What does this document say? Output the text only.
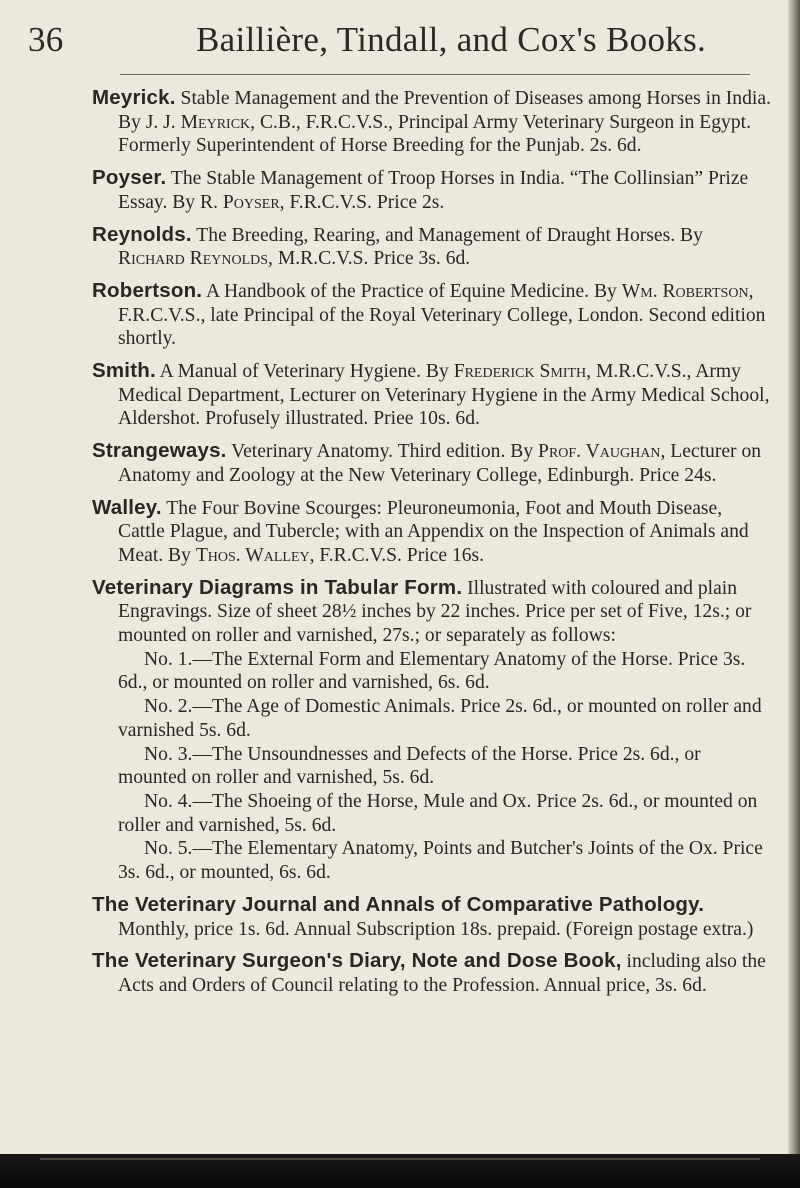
36	Baillière, Tindall, and Cox's Books.

Meyrick. Stable Management and the Prevention of Diseases among Horses in India. By J. J. Meyrick, C.B., F.R.C.V.S., Principal Army Veterinary Surgeon in Egypt. Formerly Superintendent of Horse Breeding for the Punjab. 2s. 6d.

Poyser. The Stable Management of Troop Horses in India. “The Collinsian” Prize Essay. By R. Poyser, F.R.C.V.S. Price 2s.

Reynolds. The Breeding, Rearing, and Management of Draught Horses. By Richard Reynolds, M.R.C.V.S. Price 3s. 6d.

Robertson. A Handbook of the Practice of Equine Medicine. By Wm. Robertson, F.R.C.V.S., late Principal of the Royal Veterinary College, London. Second edition shortly.

Smith. A Manual of Veterinary Hygiene. By Frederick Smith, M.R.C.V.S., Army Medical Department, Lecturer on Veterinary Hygiene in the Army Medical School, Aldershot. Profusely illustrated. Priee 10s. 6d.

Strangeways. Veterinary Anatomy. Third edition. By Prof. Vaughan, Lecturer on Anatomy and Zoology at the New Veterinary College, Edinburgh. Price 24s.

Walley. The Four Bovine Scourges: Pleuroneumonia, Foot and Mouth Disease, Cattle Plague, and Tubercle; with an Appendix on the Inspection of Animals and Meat. By Thos. Walley, F.R.C.V.S. Price 16s.

Veterinary Diagrams in Tabular Form. Illustrated with coloured and plain Engravings. Size of sheet 28½ inches by 22 inches. Price per set of Five, 12s.; or mounted on roller and varnished, 27s.; or separately as follows:

No. 1.—The External Form and Elementary Anatomy of the Horse. Price 3s. 6d., or mounted on roller and varnished, 6s. 6d.

No. 2.—The Age of Domestic Animals. Price 2s. 6d., or mounted on roller and varnished 5s. 6d.

No. 3.—The Unsoundnesses and Defects of the Horse. Price 2s. 6d., or mounted on roller and varnished, 5s. 6d.

No. 4.—The Shoeing of the Horse, Mule and Ox. Price 2s. 6d., or mounted on roller and varnished, 5s. 6d.

No. 5.—The Elementary Anatomy, Points and Butcher's Joints of the Ox. Price 3s. 6d., or mounted, 6s. 6d.

The Veterinary Journal and Annals of Comparative Pathology. Monthly, price 1s. 6d. Annual Subscription 18s. prepaid. (Foreign postage extra.)

The Veterinary Surgeon's Diary, Note and Dose Book, including also the Acts and Orders of Council relating to the Profession. Annual price, 3s. 6d.
